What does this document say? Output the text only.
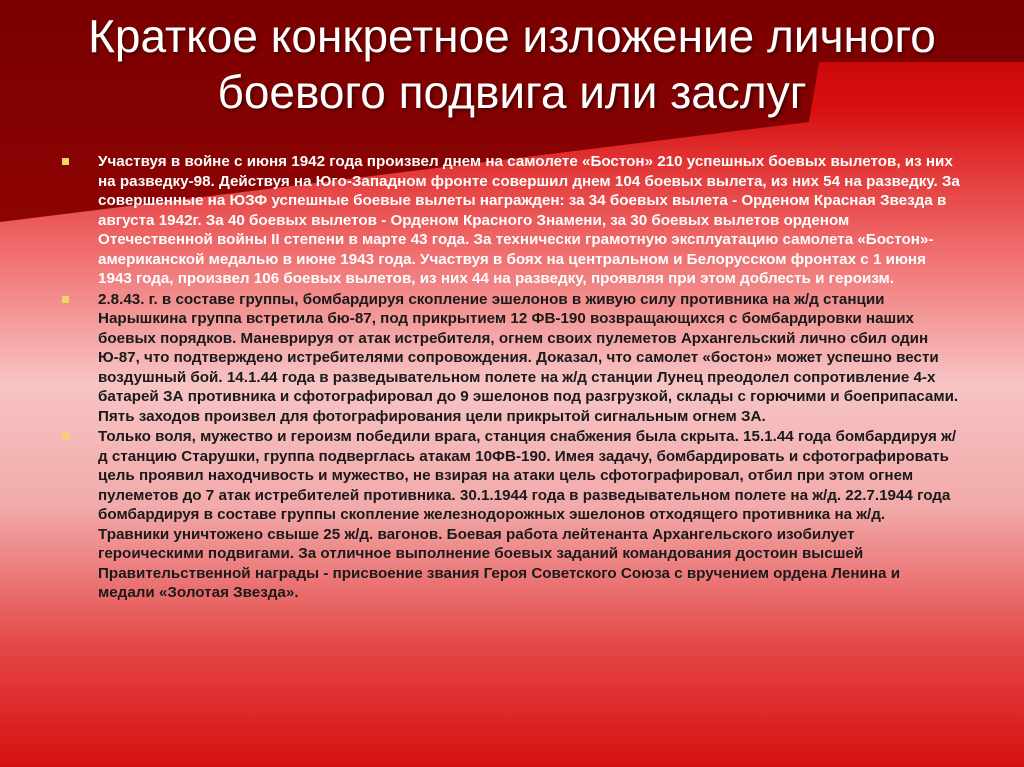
Краткое конкретное изложение личного
боевого подвига или заслуг
Участвуя в войне с июня 1942 года произвел днем на самолете «Бостон» 210 успешных боевых вылетов, из них на разведку-98. Действуя на Юго-Западном фронте совершил днем 104 боевых вылета, из них 54 на разведку. За совершенные на ЮЗФ успешные боевые вылеты награжден: за 34 боевых вылета - Орденом Красная Звезда в августа 1942г. За 40 боевых вылетов - Орденом Красного Знамени, за 30 боевых вылетов орденом Отечественной войны II степени в марте 43 года. За технически грамотную эксплуатацию самолета «Бостон»- американской медалью в июне 1943 года. Участвуя в боях на центральном и Белорусском фронтах с 1 июня 1943 года, произвел 106 боевых вылетов, из них 44 на разведку, проявляя при этом доблесть и героизм.
2.8.43. г. в составе группы, бомбардируя скопление эшелонов в живую силу противника на ж/д станции Нарышкина группа встретила бю-87, под прикрытием 12 ФВ-190 возвращающихся с бомбардировки наших боевых порядков. Маневрируя от атак истребителя, огнем своих пулеметов Архангельский лично сбил один Ю-87, что подтверждено истребителями сопровождения. Доказал, что самолет «бостон» может успешно вести воздушный бой. 14.1.44 года в разведывательном полете на ж/д станции Лунец преодолел сопротивление 4-х батарей ЗА противника и сфотографировал до 9 эшелонов под разгрузкой, склады с горючими и боеприпасами. Пять заходов произвел для фотографирования цели прикрытой сигнальным огнем ЗА.
Только воля, мужество и героизм победили врага, станция снабжения была скрыта. 15.1.44 года бомбардируя ж/д станцию Старушки, группа подверглась атакам 10ФВ-190. Имея задачу, бомбардировать и сфотографировать цель проявил находчивость и мужество, не взирая на атаки цель сфотографировал, отбил при этом огнем пулеметов до 7 атак истребителей противника. 30.1.1944 года в разведывательном полете на ж/д. 22.7.1944 года бомбардируя в составе группы скопление железнодорожных эшелонов отходящего противника на ж/д. Травники уничтожено свыше 25 ж/д. вагонов. Боевая работа лейтенанта Архангельского изобилует героическими подвигами. За отличное выполнение боевых заданий командования достоин высшей Правительственной награды - присвоение звания Героя Советского Союза с вручением ордена Ленина и медали «Золотая Звезда».
